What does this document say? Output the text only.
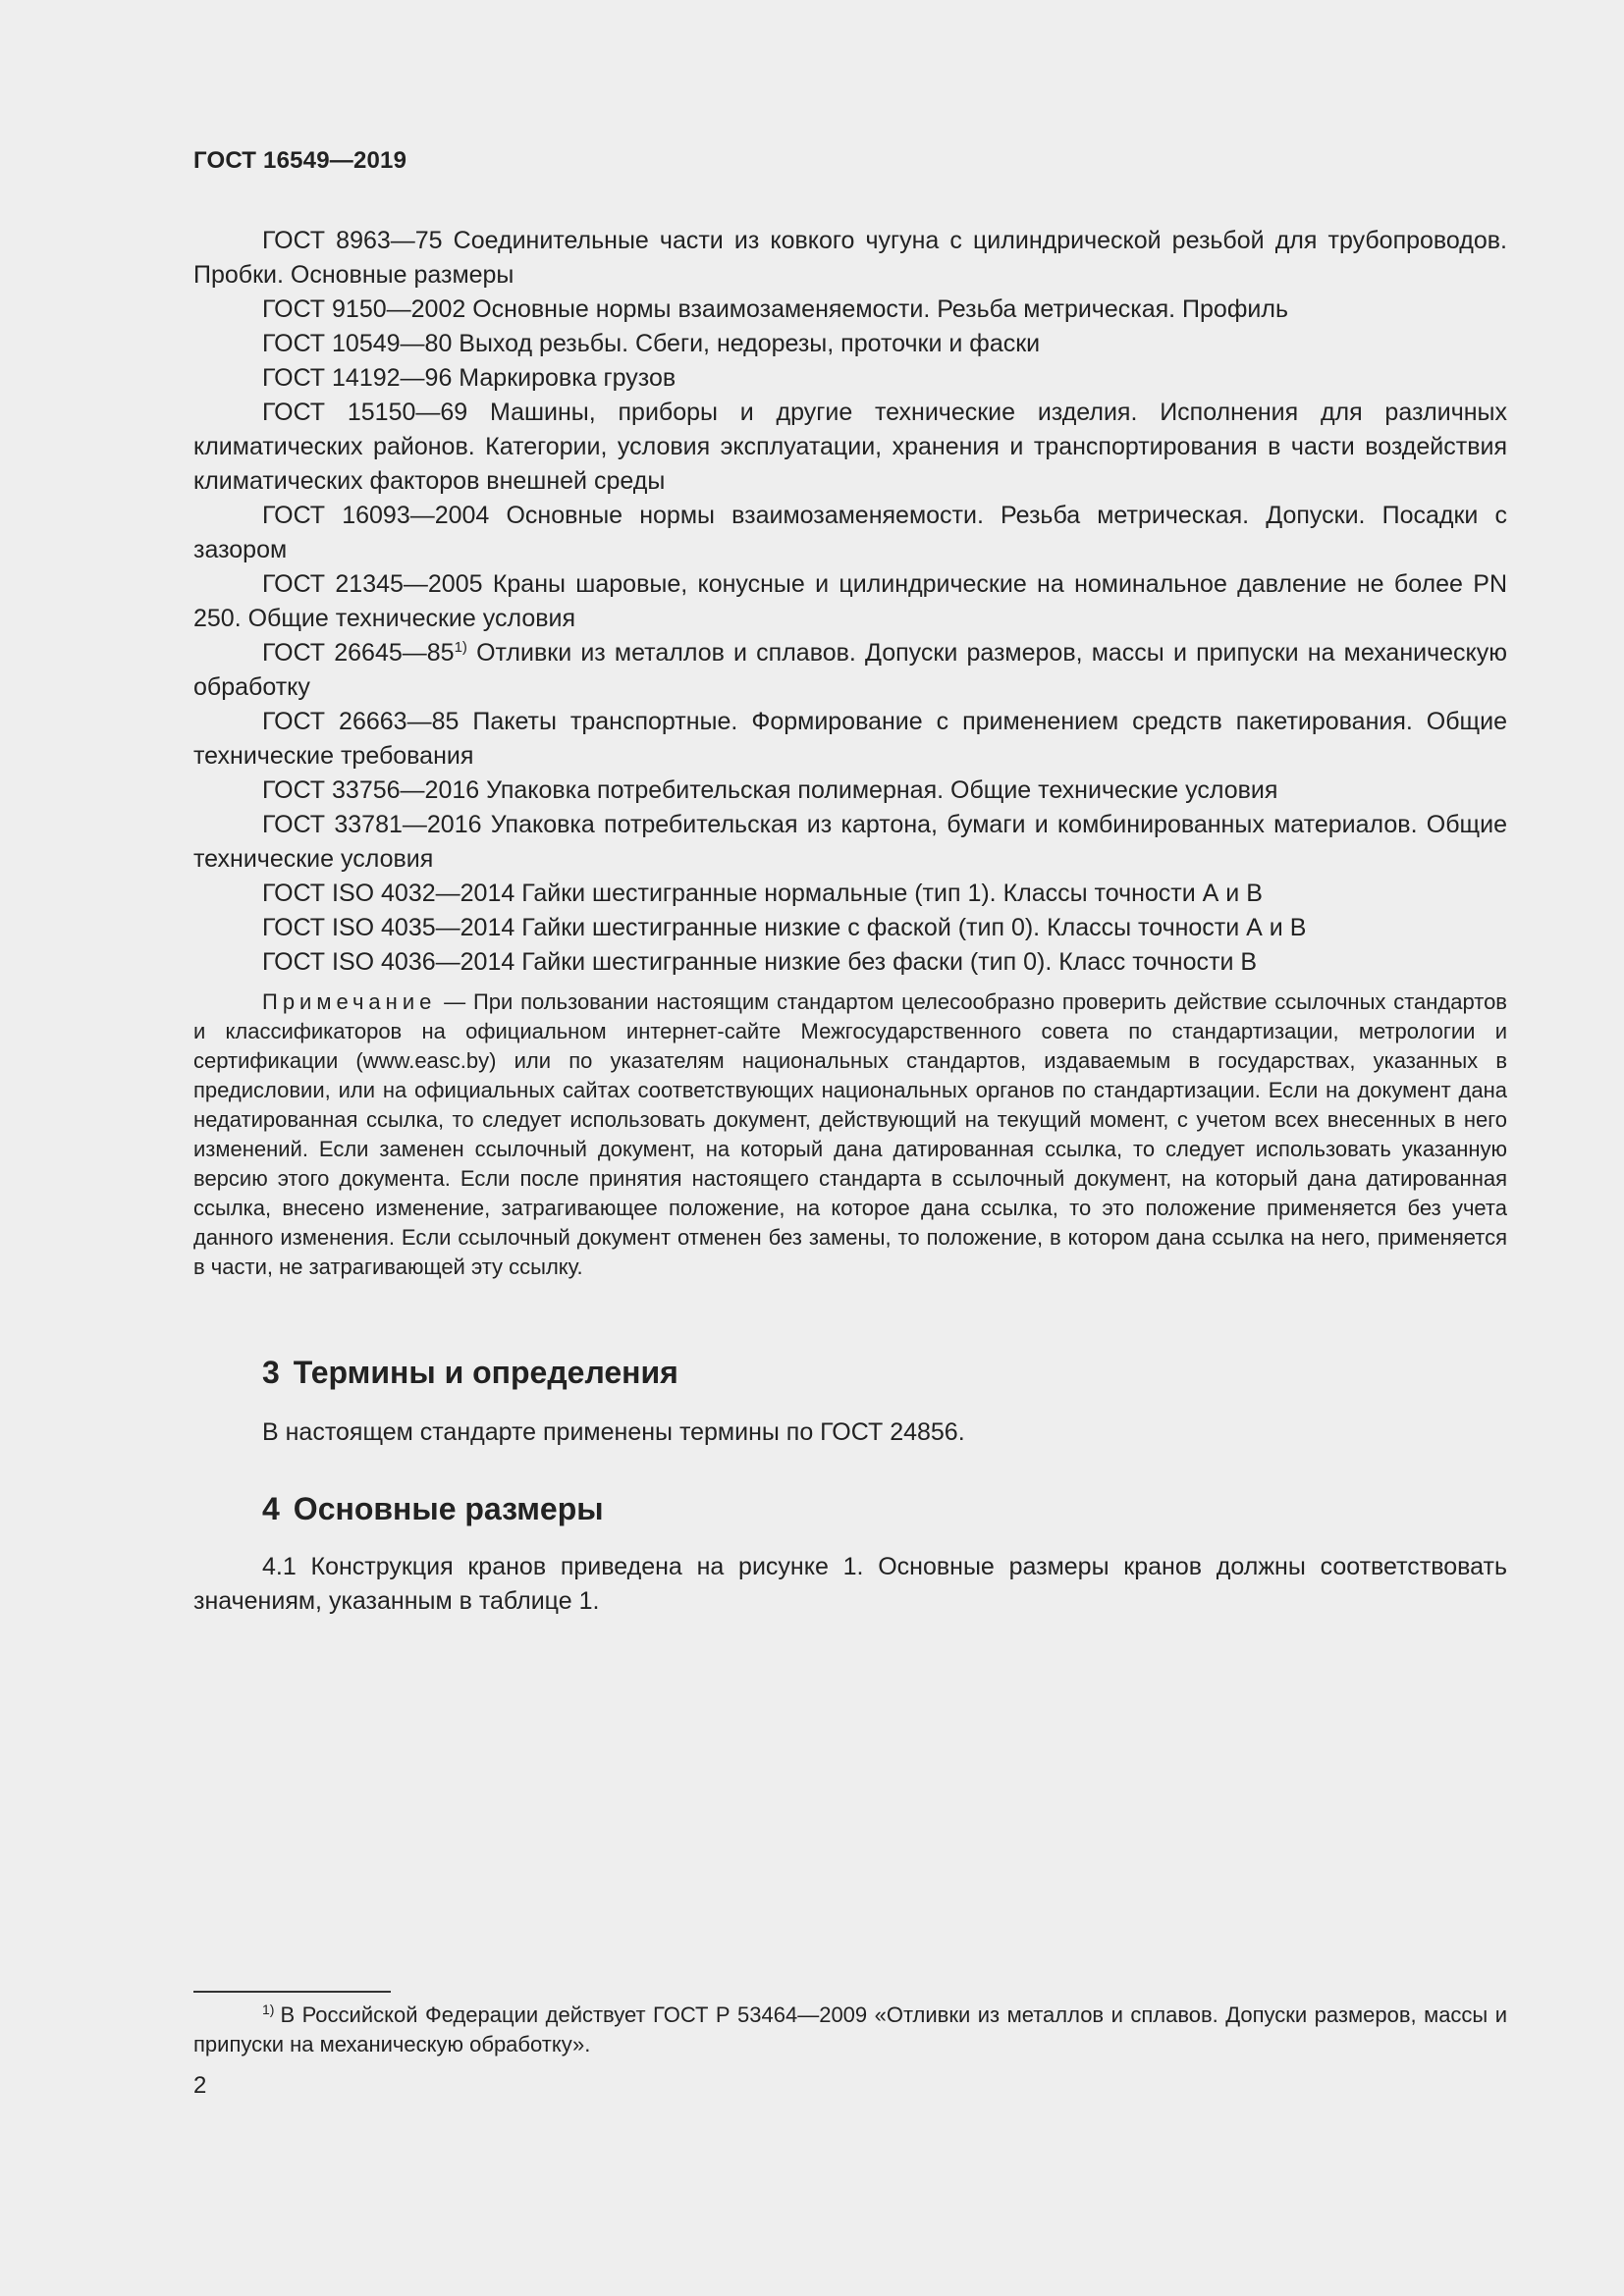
ГОСТ 16549—2019

ГОСТ 8963—75 Соединительные части из ковкого чугуна с цилиндрической резьбой для трубопроводов. Пробки. Основные размеры

ГОСТ 9150—2002 Основные нормы взаимозаменяемости. Резьба метрическая. Профиль

ГОСТ 10549—80 Выход резьбы. Сбеги, недорезы, проточки и фаски

ГОСТ 14192—96 Маркировка грузов

ГОСТ 15150—69 Машины, приборы и другие технические изделия. Исполнения для различных климатических районов. Категории, условия эксплуатации, хранения и транспортирования в части воздействия климатических факторов внешней среды

ГОСТ 16093—2004 Основные нормы взаимозаменяемости. Резьба метрическая. Допуски. Посадки с зазором

ГОСТ 21345—2005 Краны шаровые, конусные и цилиндрические на номинальное давление не более PN 250. Общие технические условия

ГОСТ 26645—85$^{1)}$ Отливки из металлов и сплавов. Допуски размеров, массы и припуски на механическую обработку

ГОСТ 26663—85 Пакеты транспортные. Формирование с применением средств пакетирования. Общие технические требования

ГОСТ 33756—2016 Упаковка потребительская полимерная. Общие технические условия

ГОСТ 33781—2016 Упаковка потребительская из картона, бумаги и комбинированных материалов. Общие технические условия

ГОСТ ISO 4032—2014 Гайки шестигранные нормальные (тип 1). Классы точности А и В

ГОСТ ISO 4035—2014 Гайки шестигранные низкие с фаской (тип 0). Классы точности А и В

ГОСТ ISO 4036—2014 Гайки шестигранные низкие без фаски (тип 0). Класс точности В

Примечание — При пользовании настоящим стандартом целесообразно проверить действие ссылочных стандартов и классификаторов на официальном интернет-сайте Межгосударственного совета по стандартизации, метрологии и сертификации (www.easc.by) или по указателям национальных стандартов, издаваемым в государствах, указанных в предисловии, или на официальных сайтах соответствующих национальных органов по стандартизации. Если на документ дана недатированная ссылка, то следует использовать документ, действующий на текущий момент, с учетом всех внесенных в него изменений. Если заменен ссылочный документ, на который дана датированная ссылка, то следует использовать указанную версию этого документа. Если после принятия настоящего стандарта в ссылочный документ, на который дана датированная ссылка, внесено изменение, затрагивающее положение, на которое дана ссылка, то это положение применяется без учета данного изменения. Если ссылочный документ отменен без замены, то положение, в котором дана ссылка на него, применяется в части, не затрагивающей эту ссылку.

3 Термины и определения

В настоящем стандарте применены термины по ГОСТ 24856.

4 Основные размеры

4.1 Конструкция кранов приведена на рисунке 1. Основные размеры кранов должны соответствовать значениям, указанным в таблице 1.

$^{1)}$ В Российской Федерации действует ГОСТ Р 53464—2009 «Отливки из металлов и сплавов. Допуски размеров, массы и припуски на механическую обработку».

2
